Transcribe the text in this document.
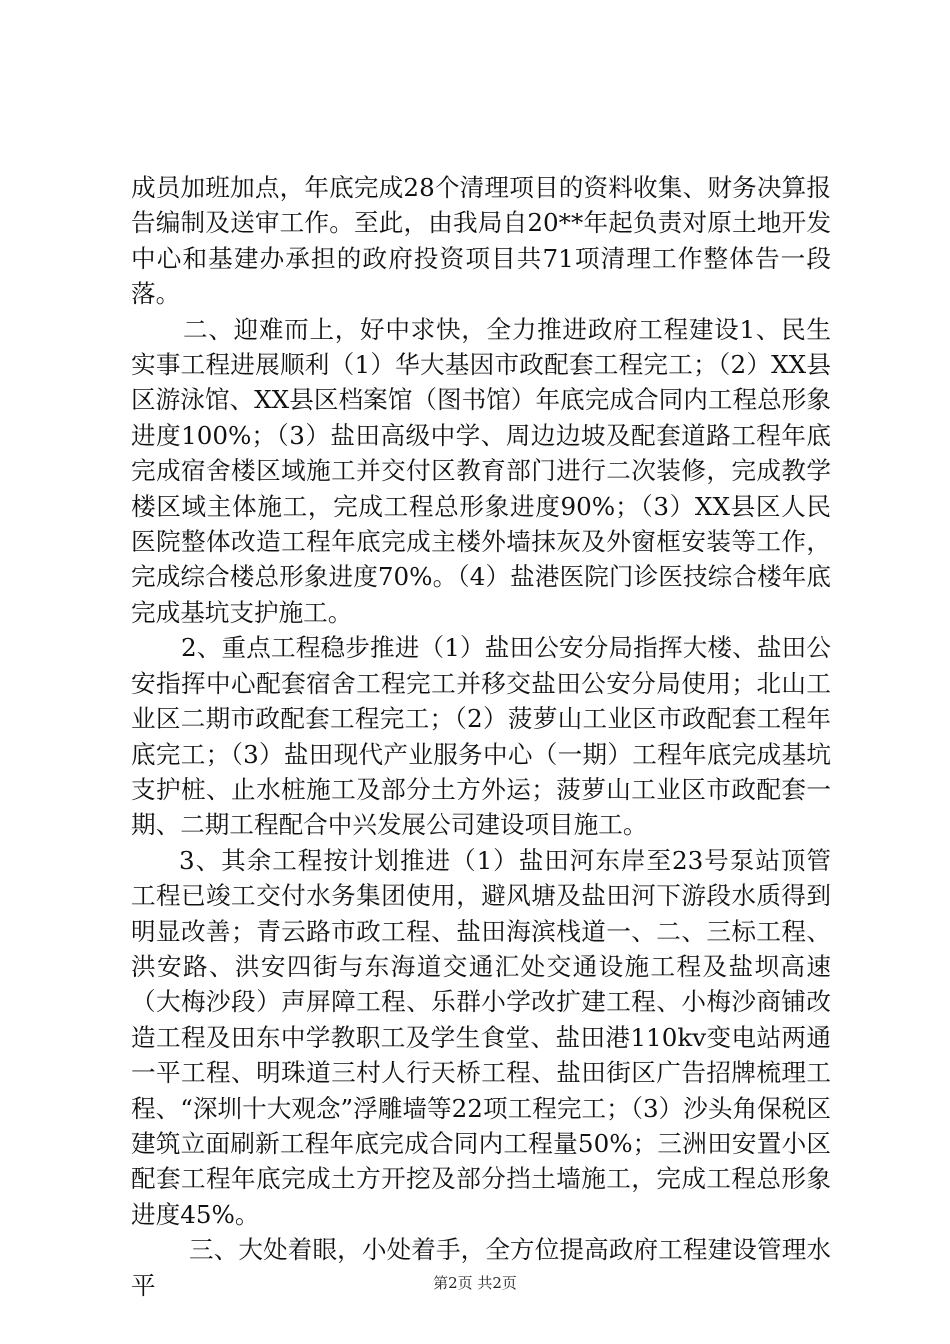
成员加班加点，年底完成28个清理项目的资料收集、财务决算报告编制及送审工作。至此，由我局自20**年起负责对原土地开发中心和基建办承担的政府投资项目共71项清理工作整体告一段落。

二、迎难而上，好中求快，全力推进政府工程建设1、民生实事工程进展顺利（1）华大基因市政配套工程完工；（2）XX县区游泳馆、XX县区档案馆（图书馆）年底完成合同内工程总形象进度100%；（3）盐田高级中学、周边边坡及配套道路工程年底完成宿舍楼区域施工并交付区教育部门进行二次装修，完成教学楼区域主体施工，完成工程总形象进度90%；（3）XX县区人民医院整体改造工程年底完成主楼外墙抹灰及外窗框安装等工作，完成综合楼总形象进度70%。（4）盐港医院门诊医技综合楼年底完成基坑支护施工。

2、重点工程稳步推进（1）盐田公安分局指挥大楼、盐田公安指挥中心配套宿舍工程完工并移交盐田公安分局使用；北山工业区二期市政配套工程完工；（2）菠萝山工业区市政配套工程年底完工；（3）盐田现代产业服务中心（一期）工程年底完成基坑支护桩、止水桩施工及部分土方外运；菠萝山工业区市政配套一期、二期工程配合中兴发展公司建设项目施工。

3、其余工程按计划推进（1）盐田河东岸至23号泵站顶管工程已竣工交付水务集团使用，避风塘及盐田河下游段水质得到明显改善；青云路市政工程、盐田海滨栈道一、二、三标工程、洪安路、洪安四街与东海道交通汇处交通设施工程及盐坝高速（大梅沙段）声屏障工程、乐群小学改扩建工程、小梅沙商铺改造工程及田东中学教职工及学生食堂、盐田港110kv变电站两通一平工程、明珠道三村人行天桥工程、盐田街区广告招牌梳理工程、“深圳十大观念”浮雕墙等22项工程完工；（3）沙头角保税区建筑立面刷新工程年底完成合同内工程量50%；三洲田安置小区配套工程年底完成土方开挖及部分挡土墙施工，完成工程总形象进度45%。

三、大处着眼，小处着手，全方位提高政府工程建设管理水平	第2页 共2页
